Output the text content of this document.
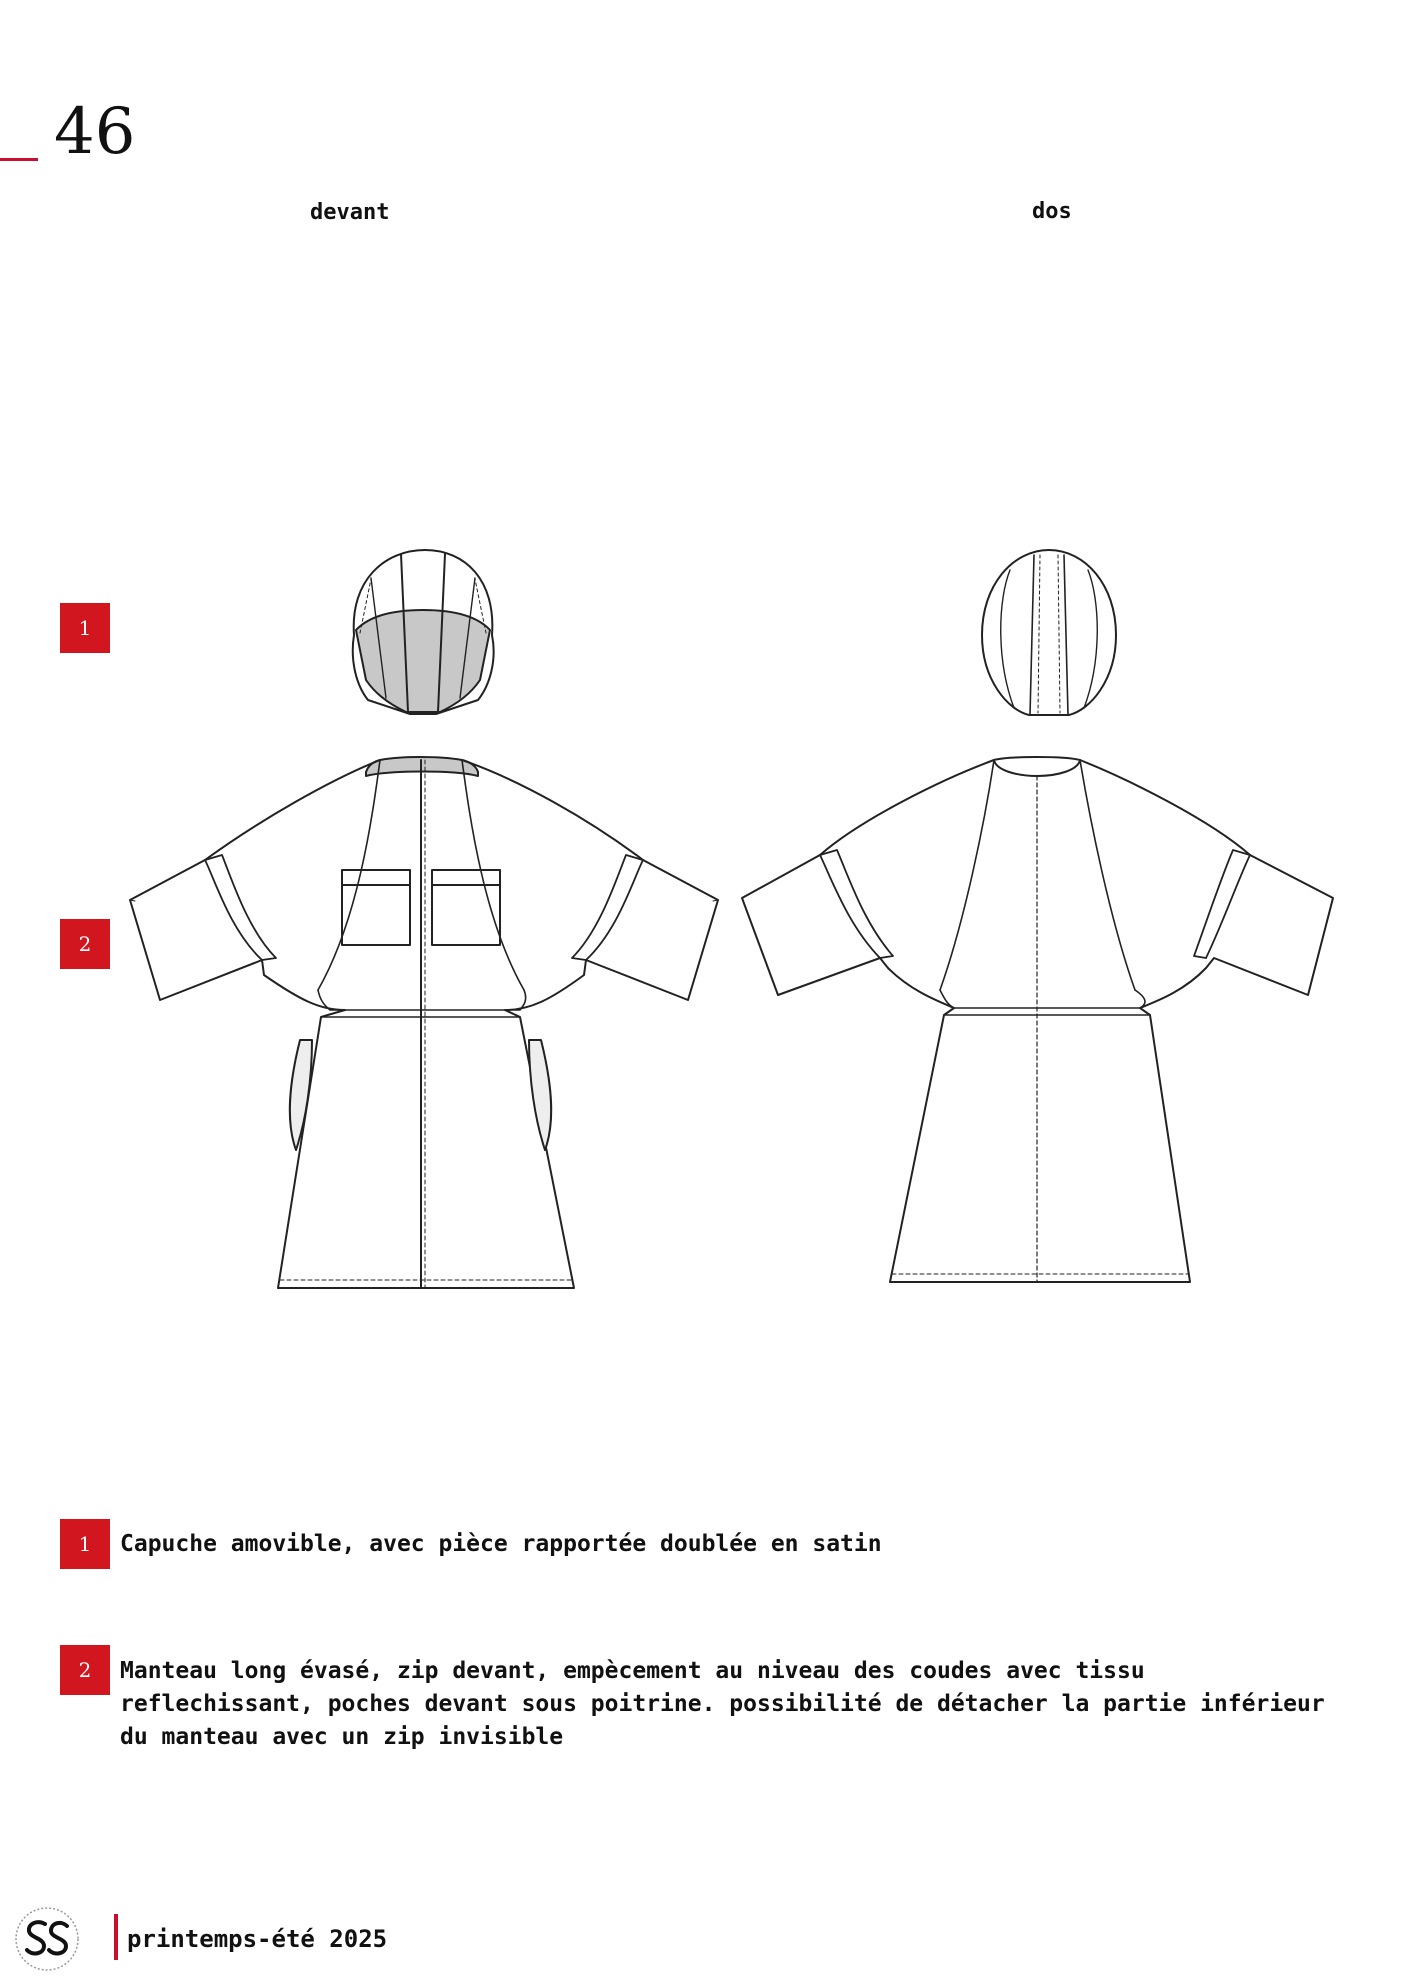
46
devant	dos
1
2
1	Capuche amovible, avec pièce rapportée doublée en satin
2	Manteau long évasé, zip devant, empècement au niveau des coudes avec tissu reflechissant, poches devant sous poitrine. possibilité de détacher la partie inférieur du manteau avec un zip invisible
printemps-été 2025
